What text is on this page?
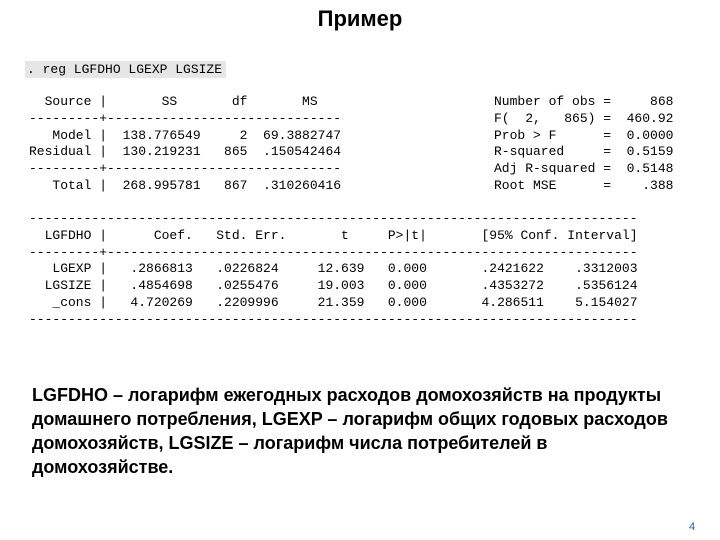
Пример
. reg LGFDHO LGEXP LGSIZE
Source |       SS       df       MS
---------+------------------------------
Model |  138.776549     2  69.3882747
Residual |  130.219231   865  .150542464
---------+------------------------------
Total |  268.995781   867  .310260416
Number of obs =     868
F(  2,   865) =  460.92
Prob > F      =  0.0000
R-squared     =  0.5159
Adj R-squared =  0.5148
Root MSE      =    .388
------------------------------------------------------------------------------
LGFDHO |      Coef.   Std. Err.       t     P>|t|       [95% Conf. Interval]
---------+--------------------------------------------------------------------
LGEXP |   .2866813   .0226824     12.639   0.000       .2421622    .3312003
LGSIZE |   .4854698   .0255476     19.003   0.000       .4353272    .5356124
_cons |   4.720269   .2209996     21.359   0.000       4.286511    5.154027
------------------------------------------------------------------------------
LGFDHO – логарифм ежегодных расходов домохозяйств на продукты домашнего потребления, LGEXP – логарифм общих годовых расходов домохозяйств, LGSIZE – логарифм числа потребителей в домохозяйстве.
4
